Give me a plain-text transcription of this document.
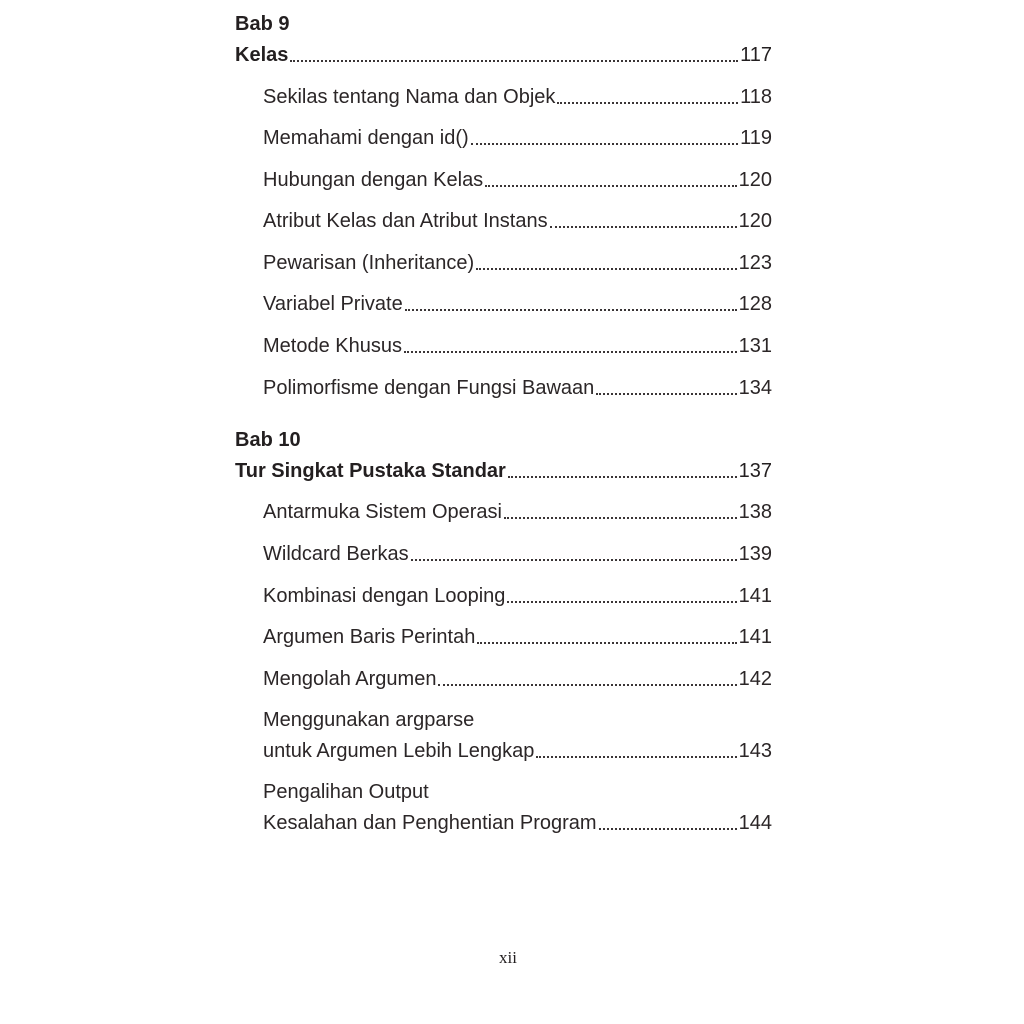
Bab 9
Kelas	117
Sekilas tentang Nama dan Objek	118
Memahami dengan id()	119
Hubungan dengan Kelas	120
Atribut Kelas dan Atribut Instans	120
Pewarisan (Inheritance)	123
Variabel Private	128
Metode Khusus	131
Polimorfisme dengan Fungsi Bawaan	134
Bab 10
Tur Singkat Pustaka Standar	137
Antarmuka Sistem Operasi	138
Wildcard Berkas	139
Kombinasi dengan Looping	141
Argumen Baris Perintah	141
Mengolah Argumen	142
Menggunakan argparse
untuk Argumen Lebih Lengkap	143
Pengalihan Output
Kesalahan dan Penghentian Program	144
xii
